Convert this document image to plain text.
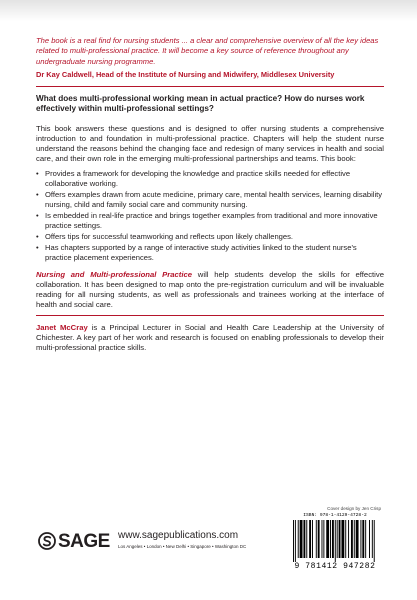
The book is a real find for nursing students ... a clear and comprehensive overview of all the key ideas related to multi-professional practice. It will become a key source of reference throughout any undergraduate nursing programme.

Dr Kay Caldwell, Head of the Institute of Nursing and Midwifery, Middlesex University

What does multi-professional working mean in actual practice? How do nurses work effectively within multi-professional settings?

This book answers these questions and is designed to offer nursing students a comprehensive introduction to and foundation in multi-professional practice. Chapters will help the student nurse understand the reasons behind the changing face and redesign of many services in health and social care, and their own role in the emerging multi-professional partnerships and teams. This book:

• Provides a framework for developing the knowledge and practice skills needed for effective collaborative working.
• Offers examples drawn from acute medicine, primary care, mental health services, learning disability nursing, child and family social care and community nursing.
• Is embedded in real-life practice and brings together examples from traditional and more innovative practice settings.
• Offers tips for successful teamworking and reflects upon likely challenges.
• Has chapters supported by a range of interactive study activities linked to the student nurse's practice placement experiences.

Nursing and Multi-professional Practice will help students develop the skills for effective collaboration. It has been designed to map onto the pre-registration curriculum and will be invaluable reading for all nursing students, as well as professionals and trainees working at the interface of health and social care.

Janet McCray is a Principal Lecturer in Social and Health Care Leadership at the University of Chichester. A key part of her work and research is focused on enabling professionals to develop their multi-professional practice skills.

Cover design by Jen Crisp
ISBN: 978-1-4129-4728-2
9 781412 947282
SAGE www.sagepublications.com
Los Angeles • London • New Delhi • Singapore • Washington DC
